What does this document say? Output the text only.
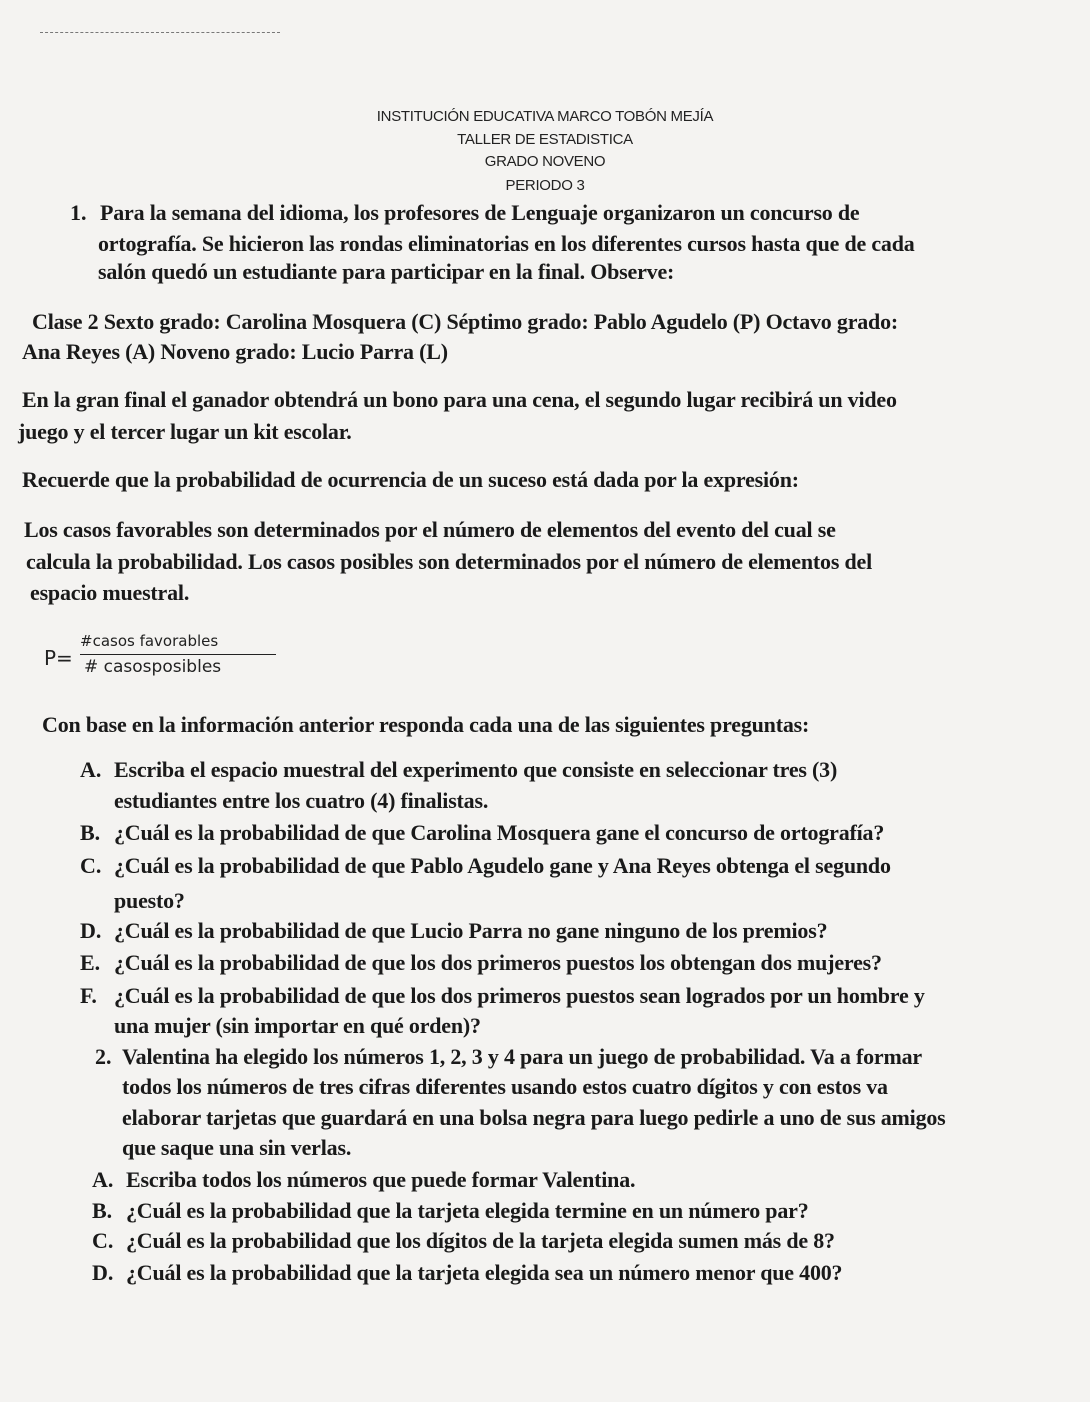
INSTITUCIÓN EDUCATIVA MARCO TOBÓN MEJÍA
TALLER DE ESTADISTICA
GRADO NOVENO
PERIODO 3
1. Para la semana del idioma, los profesores de Lenguaje organizaron un concurso de
ortografía. Se hicieron las rondas eliminatorias en los diferentes cursos hasta que de cada
salón quedó un estudiante para participar en la final. Observe:
Clase 2 Sexto grado: Carolina Mosquera (C) Séptimo grado: Pablo Agudelo (P) Octavo grado:
Ana Reyes (A) Noveno grado: Lucio Parra (L)
En la gran final el ganador obtendrá un bono para una cena, el segundo lugar recibirá un video
juego y el tercer lugar un kit escolar.
Recuerde que la probabilidad de ocurrencia de un suceso está dada por la expresión:
Los casos favorables son determinados por el número de elementos del evento del cual se
calcula la probabilidad. Los casos posibles son determinados por el número de elementos del
espacio muestral.
P=
#casos favorables
# casosposibles
Con base en la información anterior responda cada una de las siguientes preguntas:
A. Escriba el espacio muestral del experimento que consiste en seleccionar tres (3)
estudiantes entre los cuatro (4) finalistas.
B. ¿Cuál es la probabilidad de que Carolina Mosquera gane el concurso de ortografía?
C. ¿Cuál es la probabilidad de que Pablo Agudelo gane y Ana Reyes obtenga el segundo
puesto?
D. ¿Cuál es la probabilidad de que Lucio Parra no gane ninguno de los premios?
E. ¿Cuál es la probabilidad de que los dos primeros puestos los obtengan dos mujeres?
F. ¿Cuál es la probabilidad de que los dos primeros puestos sean logrados por un hombre y
una mujer (sin importar en qué orden)?
2. Valentina ha elegido los números 1, 2, 3 y 4 para un juego de probabilidad. Va a formar
todos los números de tres cifras diferentes usando estos cuatro dígitos y con estos va
elaborar tarjetas que guardará en una bolsa negra para luego pedirle a uno de sus amigos
que saque una sin verlas.
A. Escriba todos los números que puede formar Valentina.
B. ¿Cuál es la probabilidad que la tarjeta elegida termine en un número par?
C. ¿Cuál es la probabilidad que los dígitos de la tarjeta elegida sumen más de 8?
D. ¿Cuál es la probabilidad que la tarjeta elegida sea un número menor que 400?
